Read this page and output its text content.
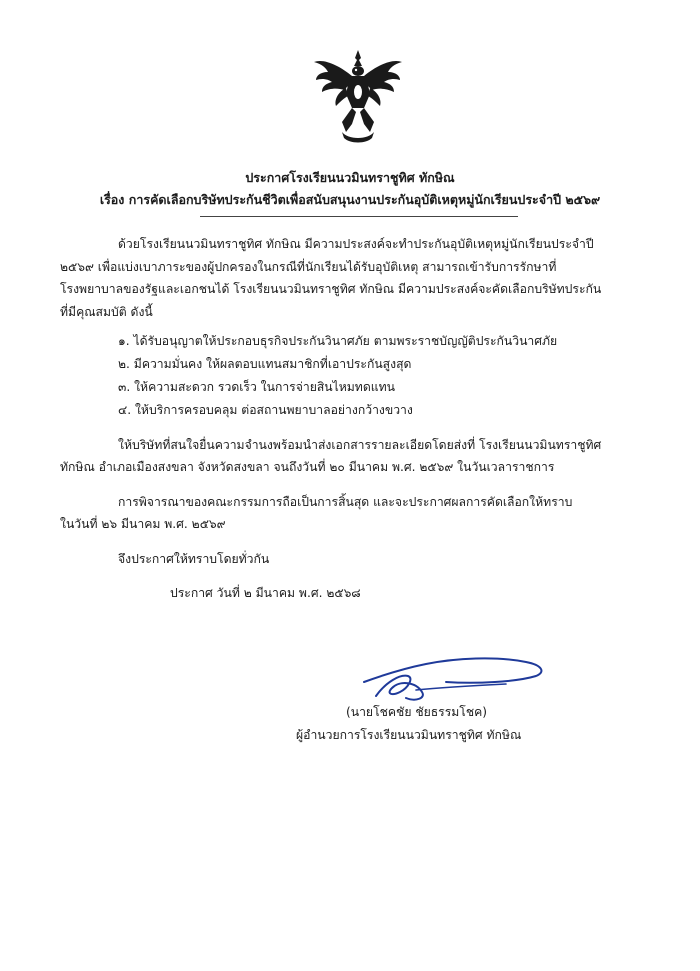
ประกาศโรงเรียนนวมินทราชูทิศ ทักษิณ
เรื่อง การคัดเลือกบริษัทประกันชีวิตเพื่อสนับสนุนงานประกันอุบัติเหตุหมู่นักเรียนประจำปี ๒๕๖๙
ด้วยโรงเรียนนวมินทราชูทิศ ทักษิณ มีความประสงค์จะทำประกันอุบัติเหตุหมู่นักเรียนประจำปี
๒๕๖๙ เพื่อแบ่งเบาภาระของผู้ปกครองในกรณีที่นักเรียนได้รับอุบัติเหตุ สามารถเข้ารับการรักษาที่
โรงพยาบาลของรัฐและเอกชนได้ โรงเรียนนวมินทราชูทิศ ทักษิณ มีความประสงค์จะคัดเลือกบริษัทประกัน
ที่มีคุณสมบัติ ดังนี้
๑. ได้รับอนุญาตให้ประกอบธุรกิจประกันวินาศภัย ตามพระราชบัญญัติประกันวินาศภัย
๒. มีความมั่นคง ให้ผลตอบแทนสมาชิกที่เอาประกันสูงสุด
๓. ให้ความสะดวก รวดเร็ว ในการจ่ายสินไหมทดแทน
๔. ให้บริการครอบคลุม ต่อสถานพยาบาลอย่างกว้างขวาง
ให้บริษัทที่สนใจยื่นความจำนงพร้อมนำส่งเอกสารรายละเอียดโดยส่งที่ โรงเรียนนวมินทราชูทิศ
ทักษิณ อำเภอเมืองสงขลา จังหวัดสงขลา จนถึงวันที่ ๒๐ มีนาคม พ.ศ. ๒๕๖๙ ในวันเวลาราชการ
การพิจารณาของคณะกรรมการถือเป็นการสิ้นสุด และจะประกาศผลการคัดเลือกให้ทราบ
ในวันที่ ๒๖ มีนาคม พ.ศ. ๒๕๖๙
จึงประกาศให้ทราบโดยทั่วกัน
ประกาศ วันที่ ๒ มีนาคม พ.ศ. ๒๕๖๘
(นายโชคชัย ชัยธรรมโชค)
ผู้อำนวยการโรงเรียนนวมินทราชูทิศ ทักษิณ
